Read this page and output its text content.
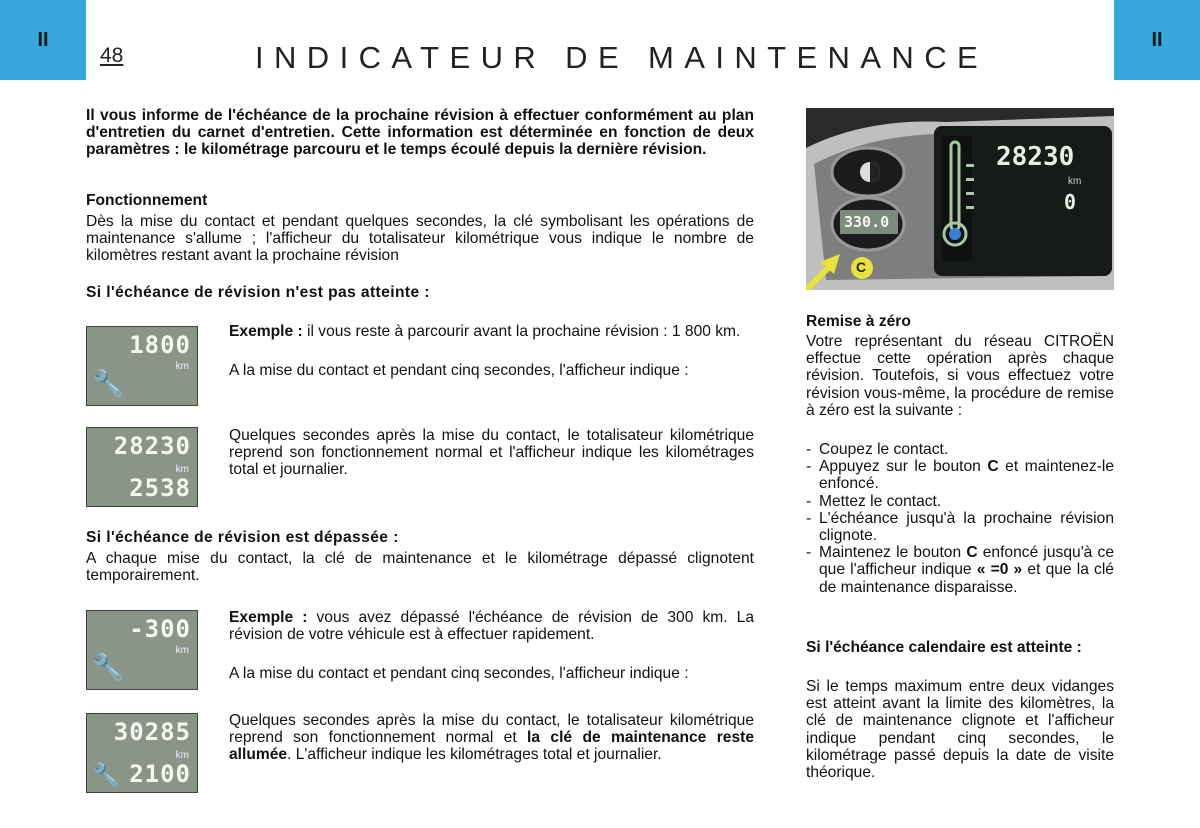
II	II
48	INDICATEUR DE MAINTENANCE

Il vous informe de l'échéance de la prochaine révision à effectuer conformément au plan d'entretien du carnet d'entretien. Cette information est déterminée en fonction de deux paramètres : le kilométrage parcouru et le temps écoulé depuis la dernière révision.

Fonctionnement

Dès la mise du contact et pendant quelques secondes, la clé symbolisant les opérations de maintenance s'allume ; l'afficheur du totalisateur kilométrique vous indique le nombre de kilomètres restant avant la prochaine révision

Si l'échéance de révision n'est pas atteinte :

1800
km
🔧

Exemple : il vous reste à parcourir avant la prochaine révision : 1 800 km.

A la mise du contact et pendant cinq secondes, l'afficheur indique :

28230
km
2538

Quelques secondes après la mise du contact, le totalisateur kilométrique reprend son fonctionnement normal et l'afficheur indique les kilométrages total et journalier.

Si l'échéance de révision est dépassée :

A chaque mise du contact, la clé de maintenance et le kilométrage dépassé clignotent temporairement.

-300
km
🔧

Exemple : vous avez dépassé l'échéance de révision de 300 km. La révision de votre véhicule est à effectuer rapidement.

A la mise du contact et pendant cinq secondes, l'afficheur indique :

30285
km
🔧 2100

Quelques secondes après la mise du contact, le totalisateur kilométrique reprend son fonctionnement normal et la clé de maintenance reste allumée. L'afficheur indique les kilométrages total et journalier.

28230
km
0
330.0
C

Remise à zéro

Votre représentant du réseau CITROËN effectue cette opération après chaque révision. Toutefois, si vous effectuez votre révision vous-même, la procédure de remise à zéro est la suivante :

- Coupez le contact.
- Appuyez sur le bouton C et maintenez-le enfoncé.
- Mettez le contact.
- L'échéance jusqu'à la prochaine révision clignote.
- Maintenez le bouton C enfoncé jusqu'à ce que l'afficheur indique « =0 » et que la clé de maintenance disparaisse.

Si l'échéance calendaire est atteinte :

Si le temps maximum entre deux vidanges est atteint avant la limite des kilomètres, la clé de maintenance clignote et l'afficheur indique pendant cinq secondes, le kilométrage passé depuis la date de visite théorique.
